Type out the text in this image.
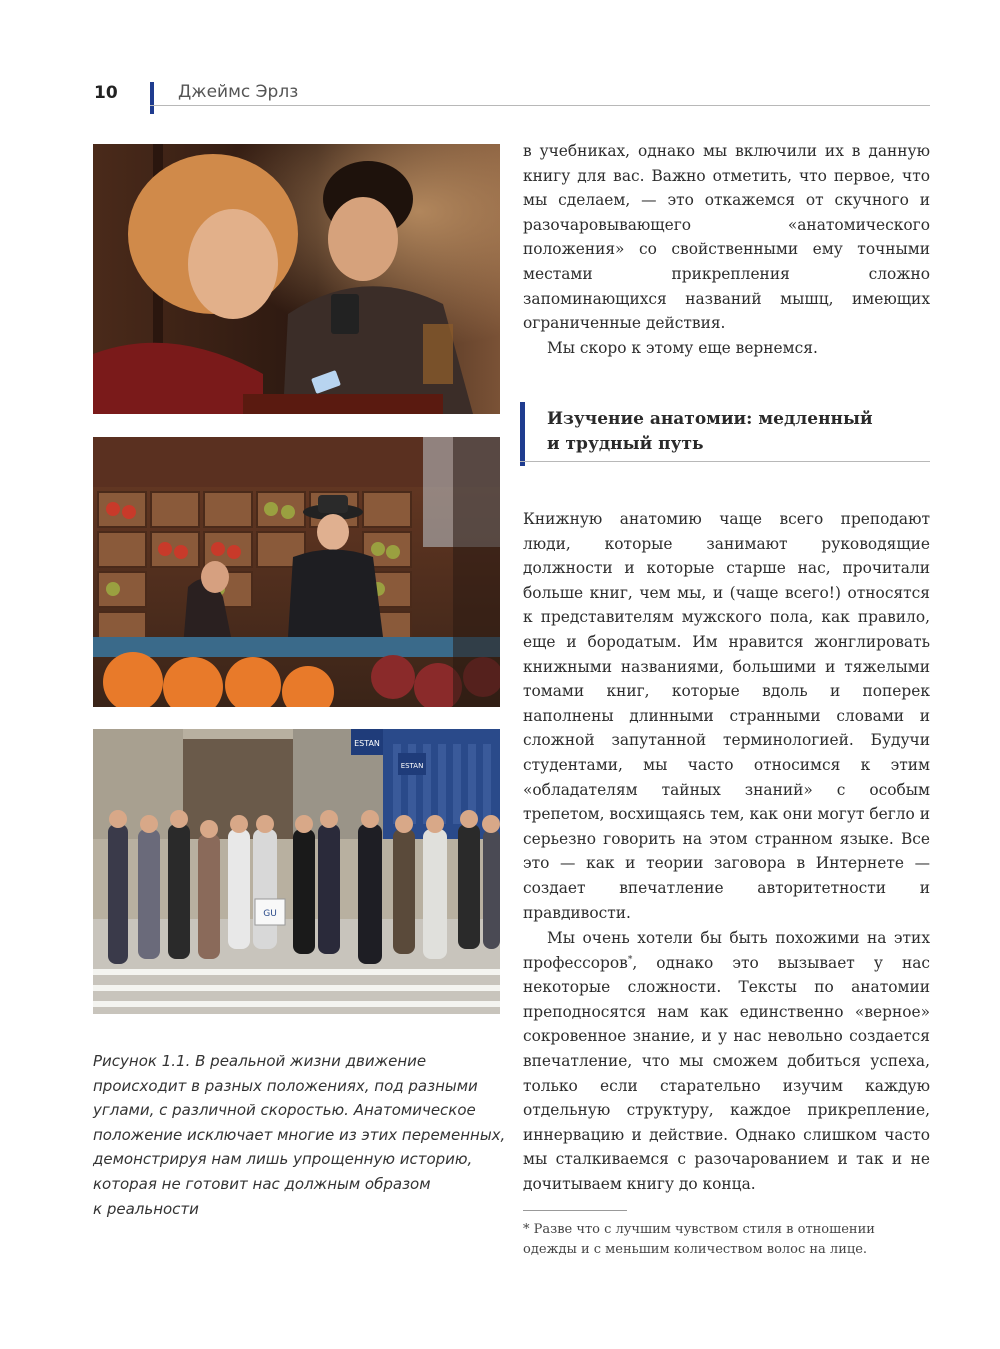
10	Джеймс Эрлз
ESTAN
ESTAN
GU
Рисунок 1.1. В реальной жизни движение
происходит в разных положениях, под разными
углами, с различной скоростью. Анатомическое
положение исключает многие из этих переменных,
демонстрируя нам лишь упрощенную историю,
которая не готовит нас должным образом
к реальности

в учебниках, однако мы включили их в данную книгу для вас. Важно отметить, что первое, что мы сделаем, — это откажемся от скучного и разочаровывающего «анатомического положения» со свойственными ему точными местами прикрепления сложно запоминающихся названий мышц, имеющих ограниченные действия.

Мы скоро к этому еще вернемся.

Изучение анатомии: медленный
и трудный путь

Книжную анатомию чаще всего преподают люди, которые занимают руководящие должности и которые старше нас, прочитали больше книг, чем мы, и (чаще всего!) относятся к представителям мужского пола, как правило, еще и бородатым. Им нравится жонглировать книжными названиями, большими и тяжелыми томами книг, которые вдоль и поперек наполнены длинными странными словами и сложной запутанной терминологией. Будучи студентами, мы часто относимся к этим «обладателям тайных знаний» с особым трепетом, восхищаясь тем, как они могут бегло и серьезно говорить на этом странном языке. Все это — как и теории заговора в Интернете — создает впечатление авторитетности и правдивости.

Мы очень хотели бы быть похожими на этих профессоров*, однако это вызывает у нас некоторые сложности. Тексты по анатомии преподносятся нам как единственно «верное» сокровенное знание, и у нас невольно создается впечатление, что мы сможем добиться успеха, только если старательно изучим каждую отдельную структуру, каждое прикрепление, иннервацию и действие. Однако слишком часто мы сталкиваемся с разочарованием и так и не дочитываем книгу до конца.

* Разве что с лучшим чувством стиля в отношении одежды и с меньшим количеством волос на лице.
